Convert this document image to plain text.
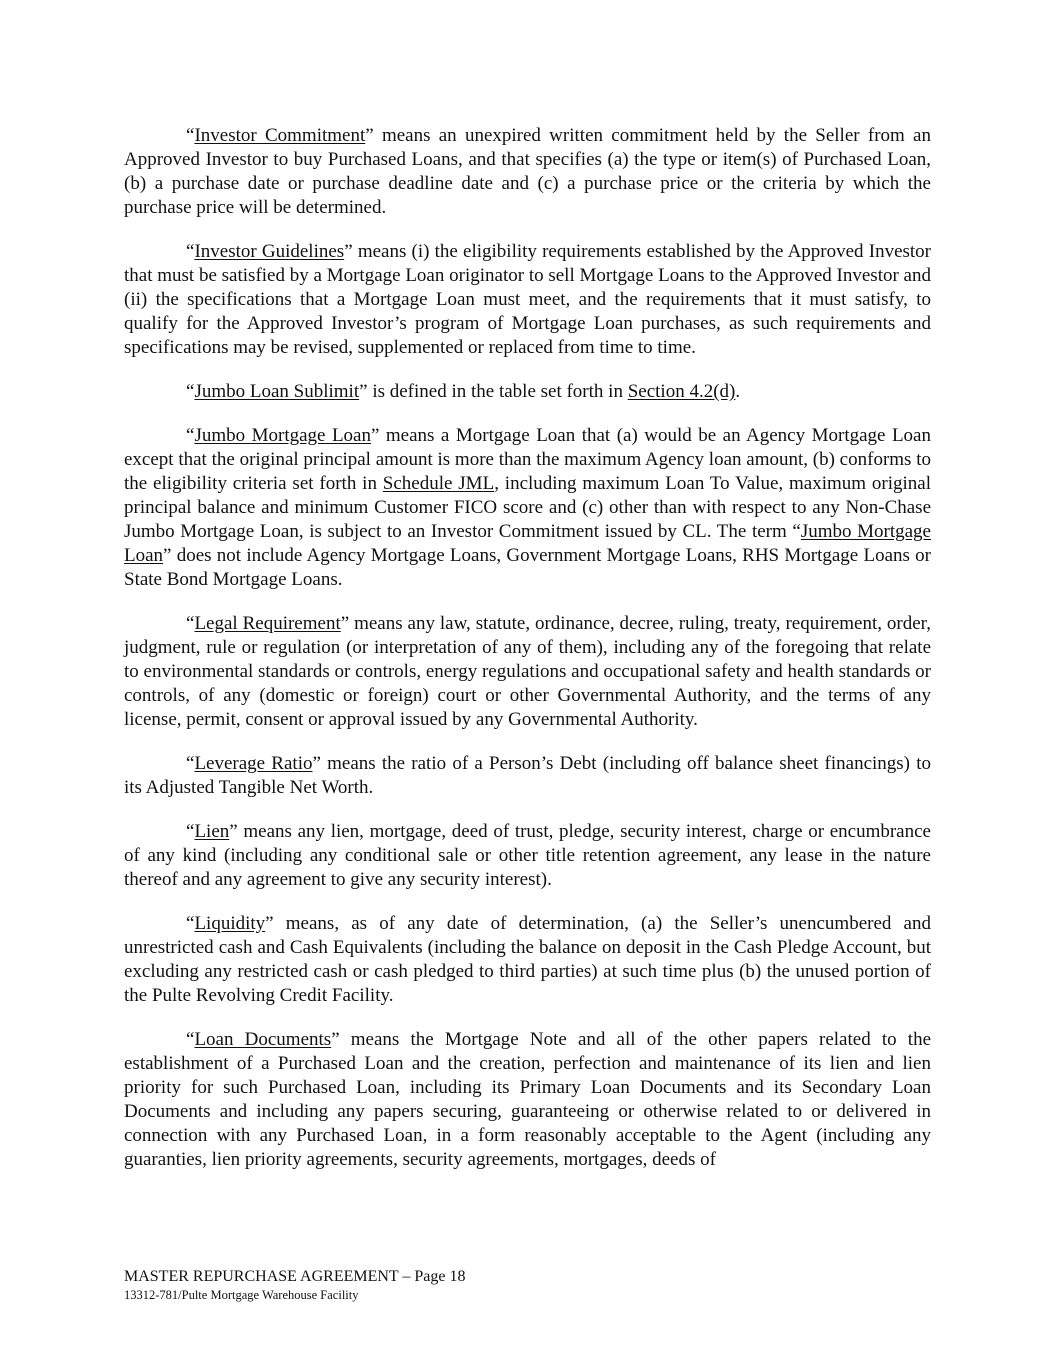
“Investor Commitment” means an unexpired written commitment held by the Seller from an Approved Investor to buy Purchased Loans, and that specifies (a) the type or item(s) of Purchased Loan, (b) a purchase date or purchase deadline date and (c) a purchase price or the criteria by which the purchase price will be determined.

“Investor Guidelines” means (i) the eligibility requirements established by the Approved Investor that must be satisfied by a Mortgage Loan originator to sell Mortgage Loans to the Approved Investor and (ii) the specifications that a Mortgage Loan must meet, and the requirements that it must satisfy, to qualify for the Approved Investor’s program of Mortgage Loan purchases, as such requirements and specifications may be revised, supplemented or replaced from time to time.

“Jumbo Loan Sublimit” is defined in the table set forth in Section 4.2(d).

“Jumbo Mortgage Loan” means a Mortgage Loan that (a) would be an Agency Mortgage Loan except that the original principal amount is more than the maximum Agency loan amount, (b) conforms to the eligibility criteria set forth in Schedule JML, including maximum Loan To Value, maximum original principal balance and minimum Customer FICO score and (c) other than with respect to any Non-Chase Jumbo Mortgage Loan, is subject to an Investor Commitment issued by CL. The term “Jumbo Mortgage Loan” does not include Agency Mortgage Loans, Government Mortgage Loans, RHS Mortgage Loans or State Bond Mortgage Loans.

“Legal Requirement” means any law, statute, ordinance, decree, ruling, treaty, requirement, order, judgment, rule or regulation (or interpretation of any of them), including any of the foregoing that relate to environmental standards or controls, energy regulations and occupational safety and health standards or controls, of any (domestic or foreign) court or other Governmental Authority, and the terms of any license, permit, consent or approval issued by any Governmental Authority.

“Leverage Ratio” means the ratio of a Person’s Debt (including off balance sheet financings) to its Adjusted Tangible Net Worth.

“Lien” means any lien, mortgage, deed of trust, pledge, security interest, charge or encumbrance of any kind (including any conditional sale or other title retention agreement, any lease in the nature thereof and any agreement to give any security interest).

“Liquidity” means, as of any date of determination, (a) the Seller’s unencumbered and unrestricted cash and Cash Equivalents (including the balance on deposit in the Cash Pledge Account, but excluding any restricted cash or cash pledged to third parties) at such time plus (b) the unused portion of the Pulte Revolving Credit Facility.

“Loan Documents” means the Mortgage Note and all of the other papers related to the establishment of a Purchased Loan and the creation, perfection and maintenance of its lien and lien priority for such Purchased Loan, including its Primary Loan Documents and its Secondary Loan Documents and including any papers securing, guaranteeing or otherwise related to or delivered in connection with any Purchased Loan, in a form reasonably acceptable to the Agent (including any guaranties, lien priority agreements, security agreements, mortgages, deeds of

MASTER REPURCHASE AGREEMENT – Page 18
13312-781/Pulte Mortgage Warehouse Facility
